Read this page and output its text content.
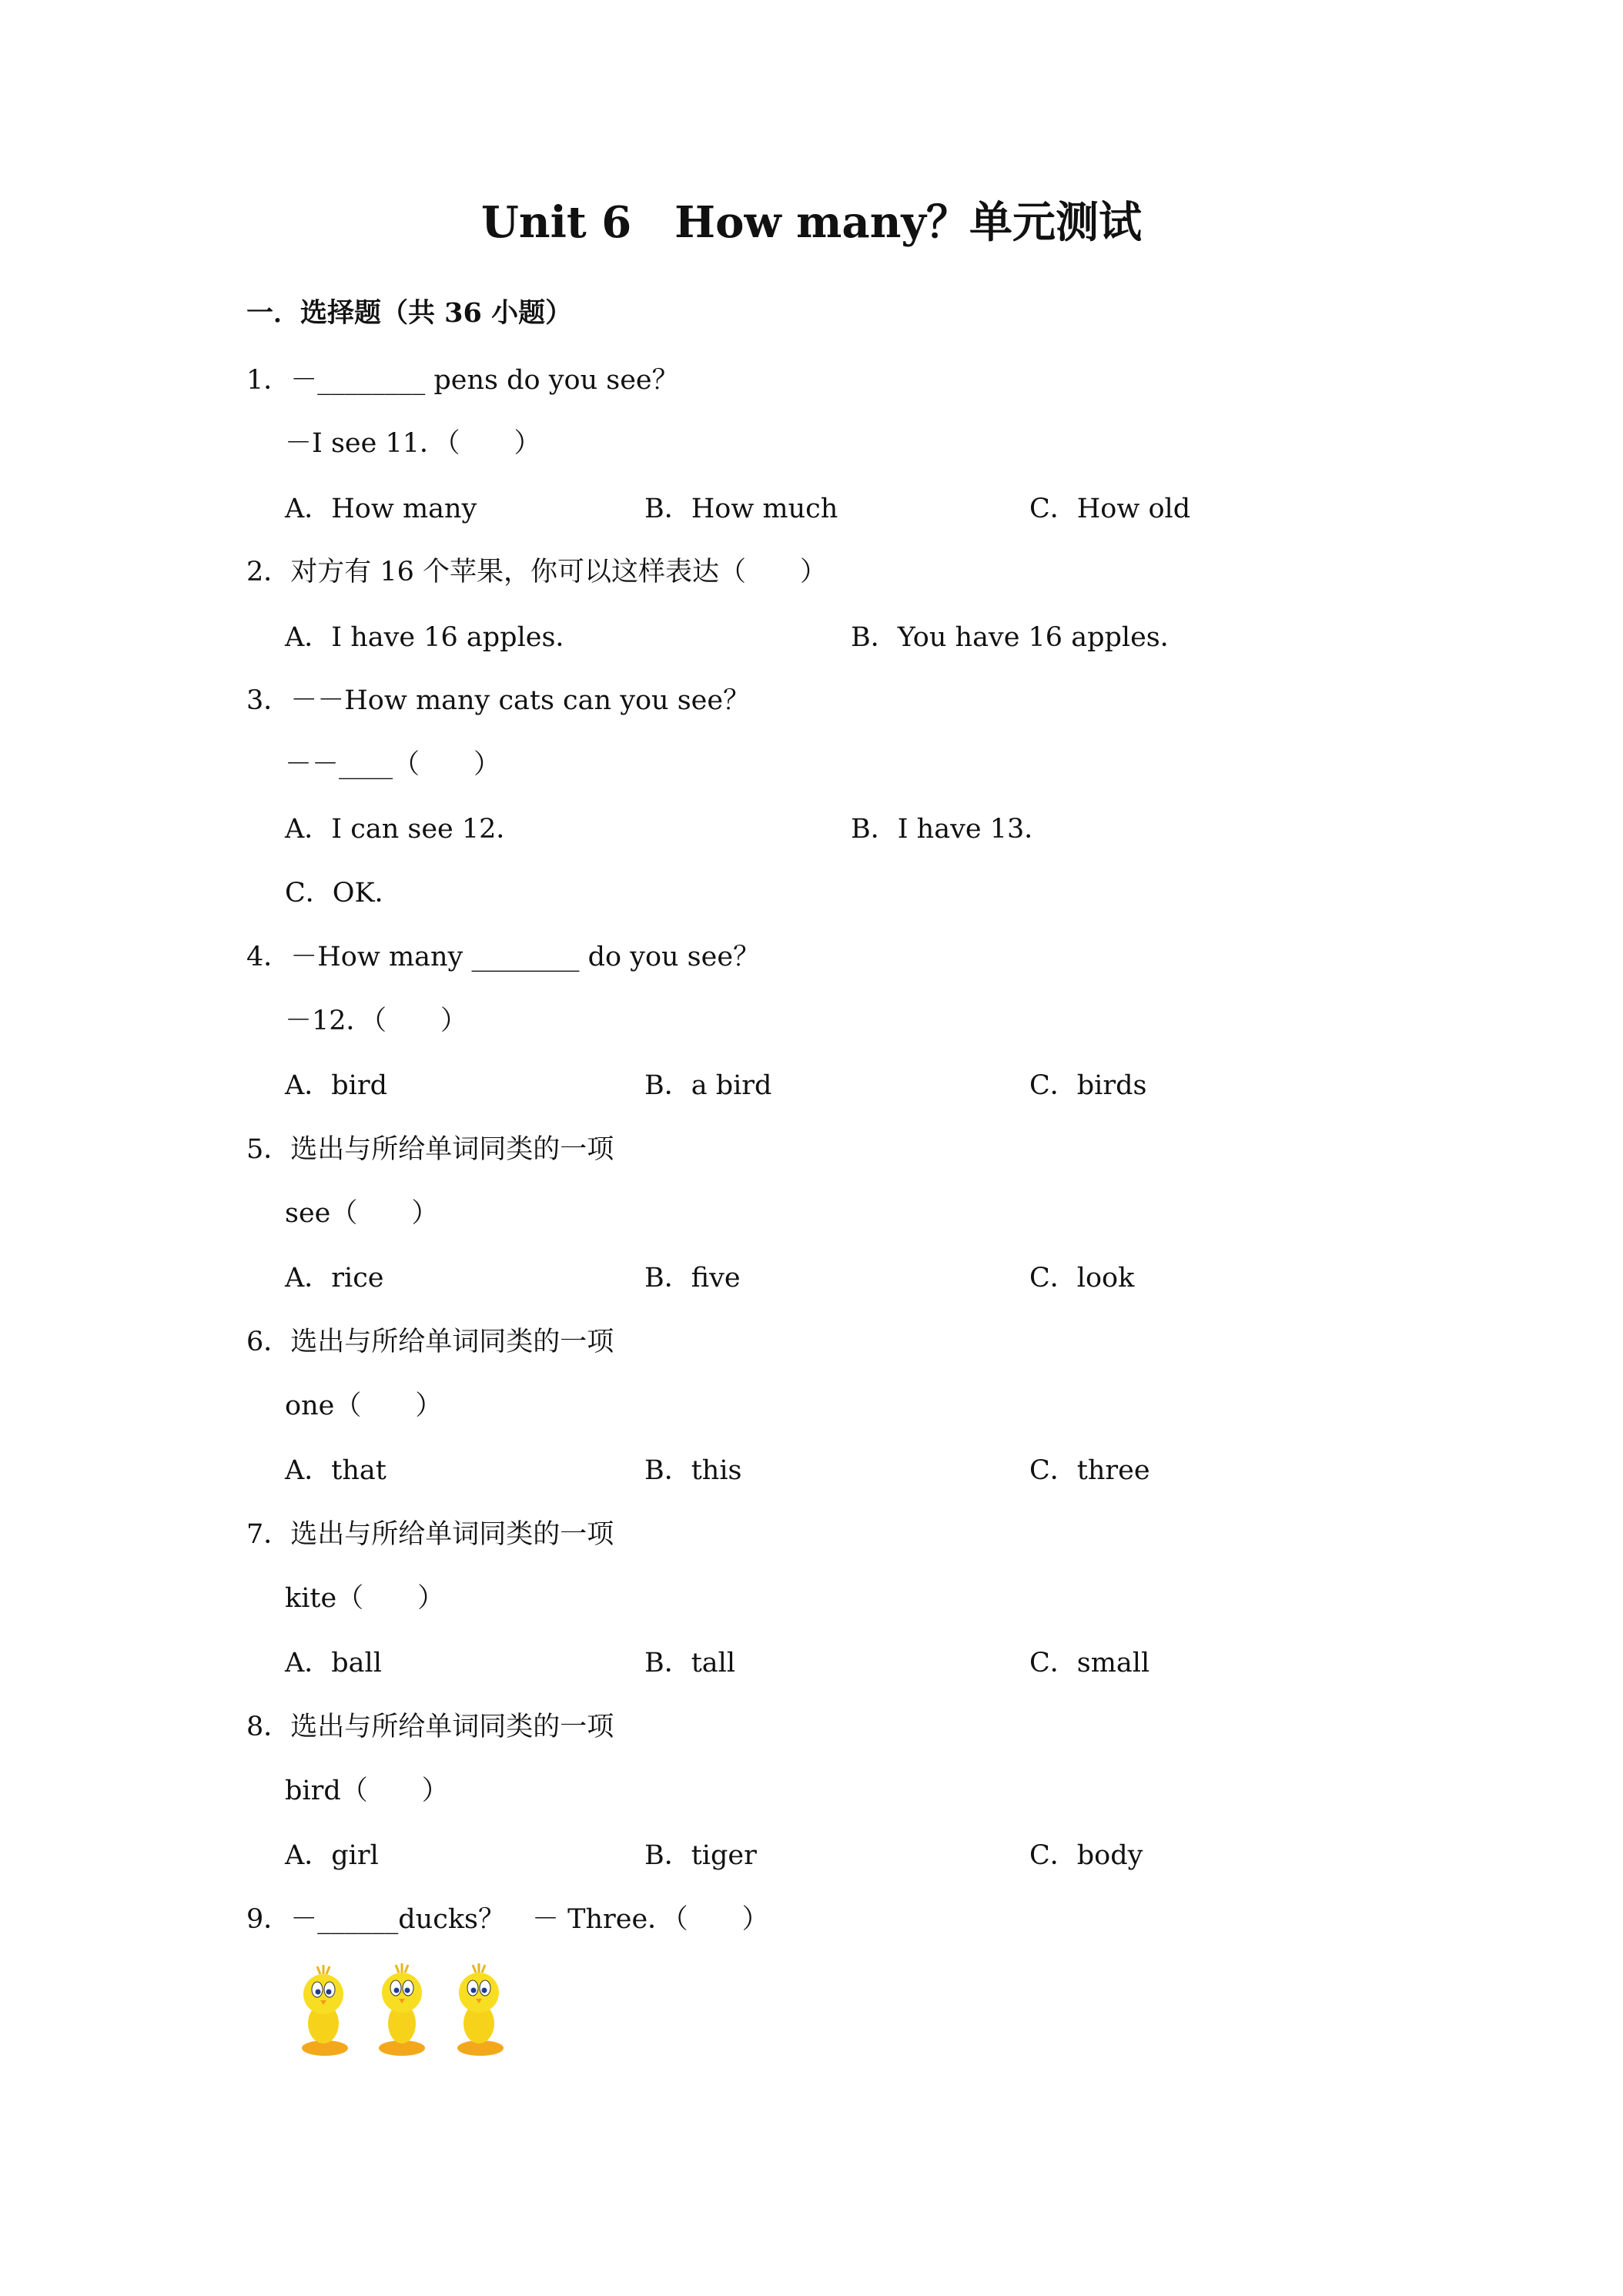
Unit 6　How many？单元测试
一．选择题（共 36 小题）
1．－________ pens do you see？
－I see 11．（　　）
A．How many	B．How much	C．How old
2．对方有 16 个苹果，你可以这样表达（　　）
A．I have 16 apples．	B．You have 16 apples．
3．－－How many cats can you see？
－－____（　　）
A．I can see 12．	B．I have 13．
C．OK．
4．－How many ________ do you see？
－12．（　　）
A．bird	B．a bird	C．birds
5．选出与所给单词同类的一项
see（　　）
A．rice	B．five	C．look
6．选出与所给单词同类的一项
one（　　）
A．that	B．this	C．three
7．选出与所给单词同类的一项
kite（　　）
A．ball	B．tall	C．small
8．选出与所给单词同类的一项
bird（　　）
A．girl	B．tiger	C．body
9．－______ducks？　－ Three．（　　）
